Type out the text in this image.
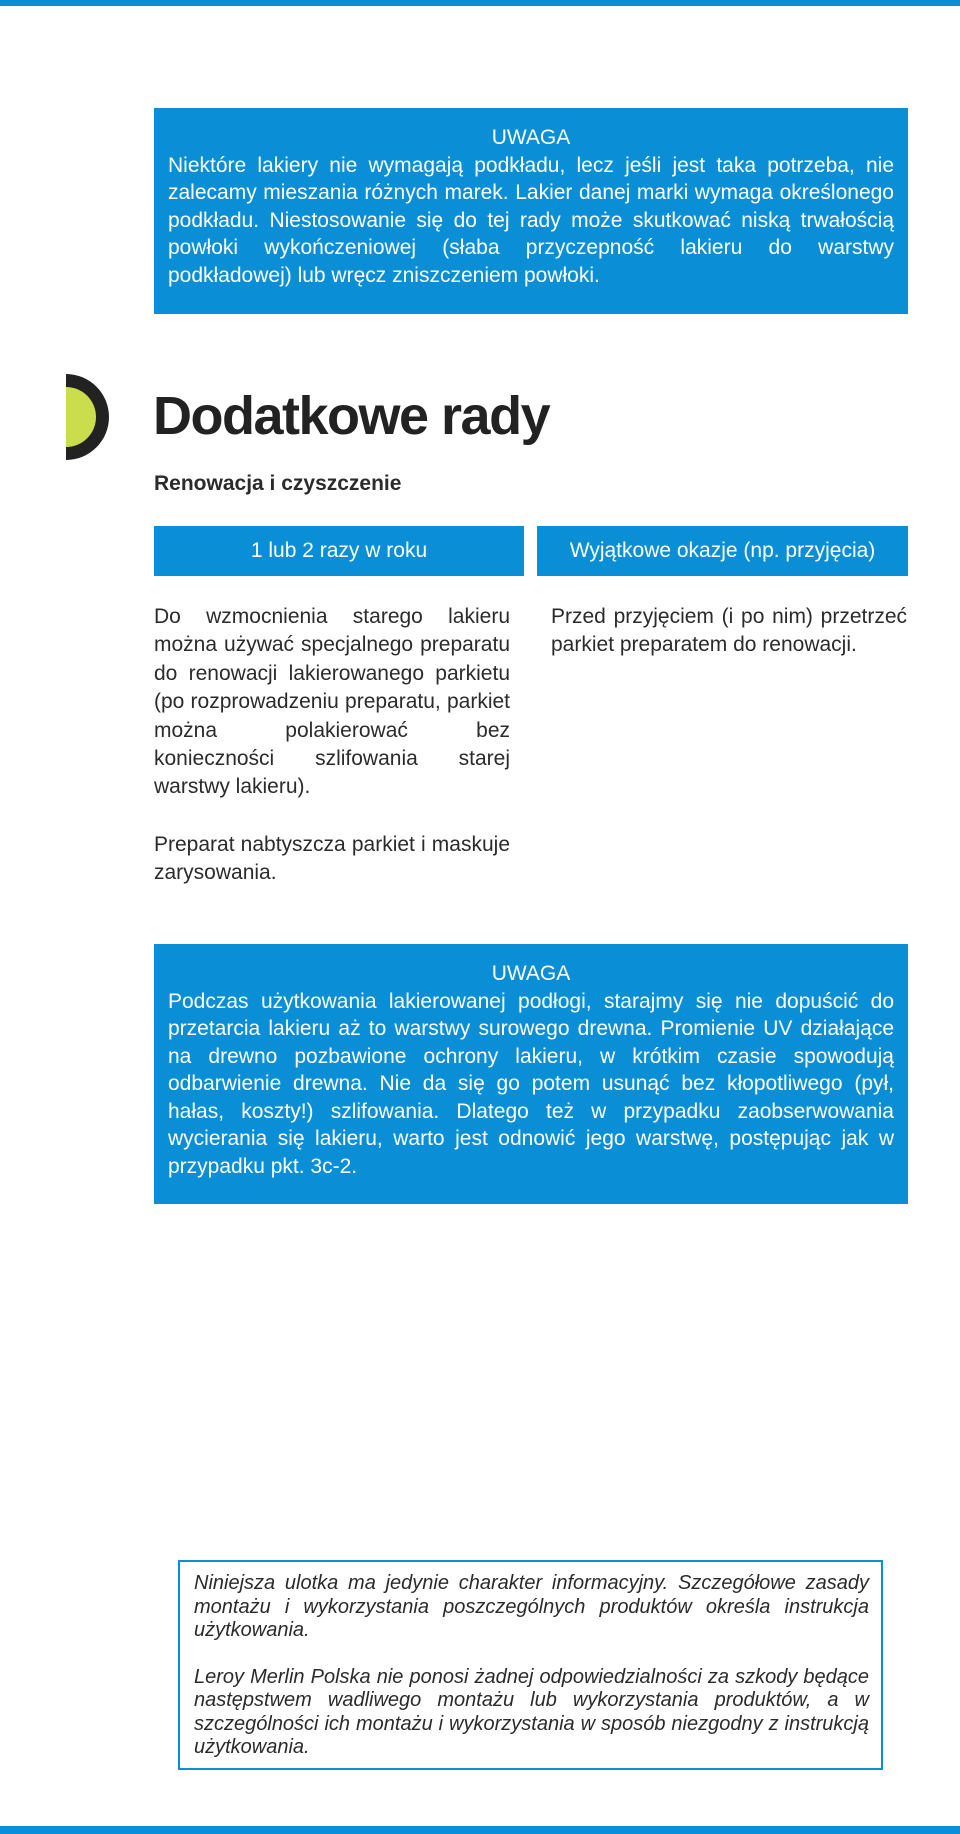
UWAGA
Niektóre lakiery nie wymagają podkładu, lecz jeśli jest taka potrzeba, nie zalecamy mieszania różnych marek. Lakier danej marki wymaga określonego podkładu. Niestosowanie się do tej rady może skutkować niską trwałością powłoki wykończeniowej (słaba przyczepność lakieru do warstwy podkładowej) lub wręcz zniszczeniem powłoki.
Dodatkowe rady
Renowacja i czyszczenie
1 lub 2 razy w roku	Wyjątkowe okazje (np. przyjęcia)

Do wzmocnienia starego lakieru można używać specjalnego preparatu do renowacji lakierowanego parkietu (po rozprowadzeniu preparatu, parkiet można polakierować bez konieczności szlifowania starej warstwy lakieru).

Preparat nabtyszcza parkiet i maskuje zarysowania.

Przed przyjęciem (i po nim) przetrzeć parkiet preparatem do renowacji.

UWAGA
Podczas użytkowania lakierowanej podłogi, starajmy się nie dopuścić do przetarcia lakieru aż to warstwy surowego drewna. Promienie UV działające na drewno pozbawione ochrony lakieru, w krótkim czasie spowodują odbarwienie drewna. Nie da się go potem usunąć bez kłopotliwego (pył, hałas, koszty!) szlifowania. Dlatego też w przypadku zaobserwowania wycierania się lakieru, warto jest odnowić jego warstwę, postępując jak w przypadku pkt. 3c-2.

Niniejsza ulotka ma jedynie charakter informacyjny. Szczegółowe zasady montażu i wykorzystania poszczególnych produktów określa instrukcja użytkowania.

Leroy Merlin Polska nie ponosi żadnej odpowiedzialności za szkody będące następstwem wadliwego montażu lub wykorzystania produktów, a w szczególności ich montażu i wykorzystania w sposób niezgodny z instrukcją użytkowania.
